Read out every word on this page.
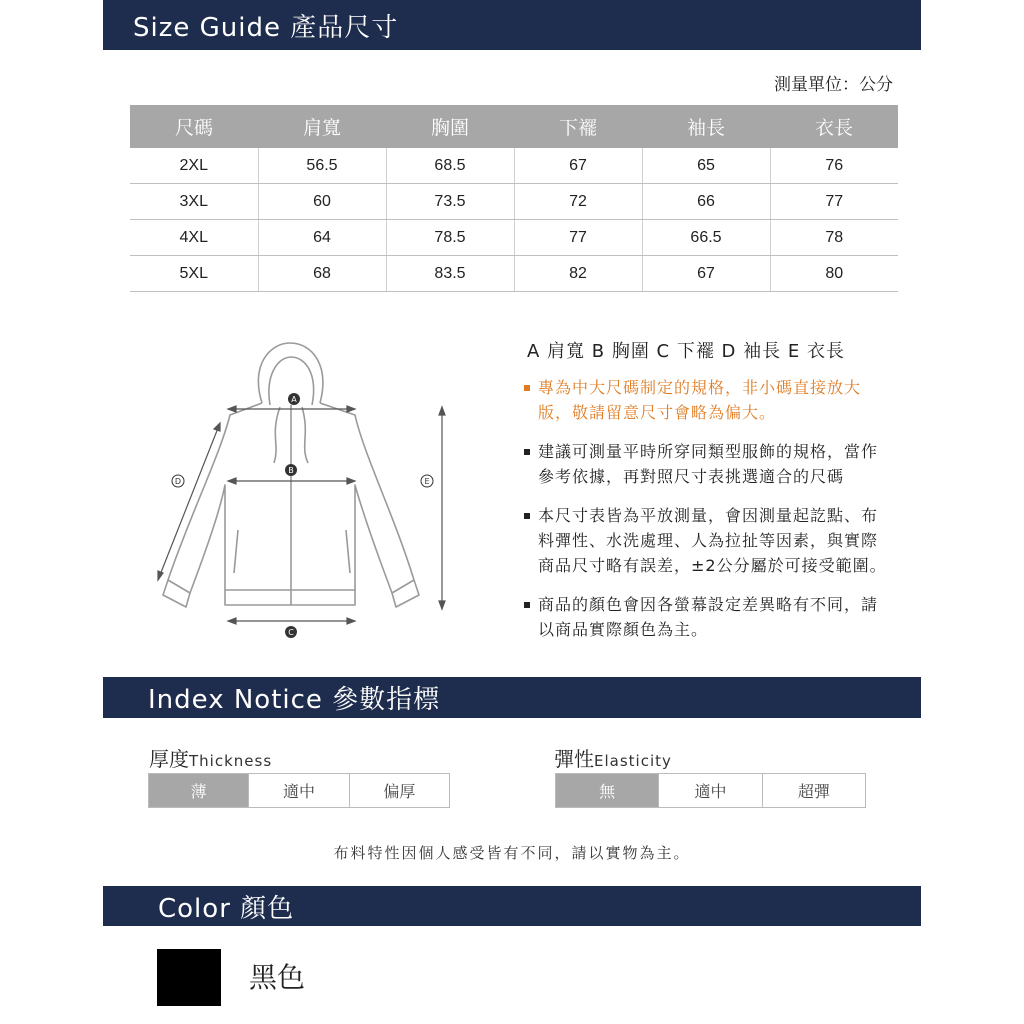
Size Guide 產品尺寸
測量單位：公分
尺碼	肩寬	胸圍	下襬	袖長	衣長
2XL	56.5	68.5	67	65	76
3XL	60	73.5	72	66	77
4XL	64	78.5	77	66.5	78
5XL	68	83.5	82	67	80
A
B
C
D	E
A 肩寬 B 胸圍 C 下襬 D 袖長 E 衣長
專為中大尺碼制定的規格，非小碼直接放大版，敬請留意尺寸會略為偏大。
建議可測量平時所穿同類型服飾的規格，當作參考依據，再對照尺寸表挑選適合的尺碼
本尺寸表皆為平放測量，會因測量起訖點、布料彈性、水洗處理、人為拉扯等因素，與實際商品尺寸略有誤差，±2公分屬於可接受範圍。
商品的顏色會因各螢幕設定差異略有不同，請以商品實際顏色為主。
Index Notice 參數指標
厚度Thickness
薄	適中	偏厚
彈性Elasticity
無	適中	超彈
布料特性因個人感受皆有不同，請以實物為主。
Color 顏色
黑色
